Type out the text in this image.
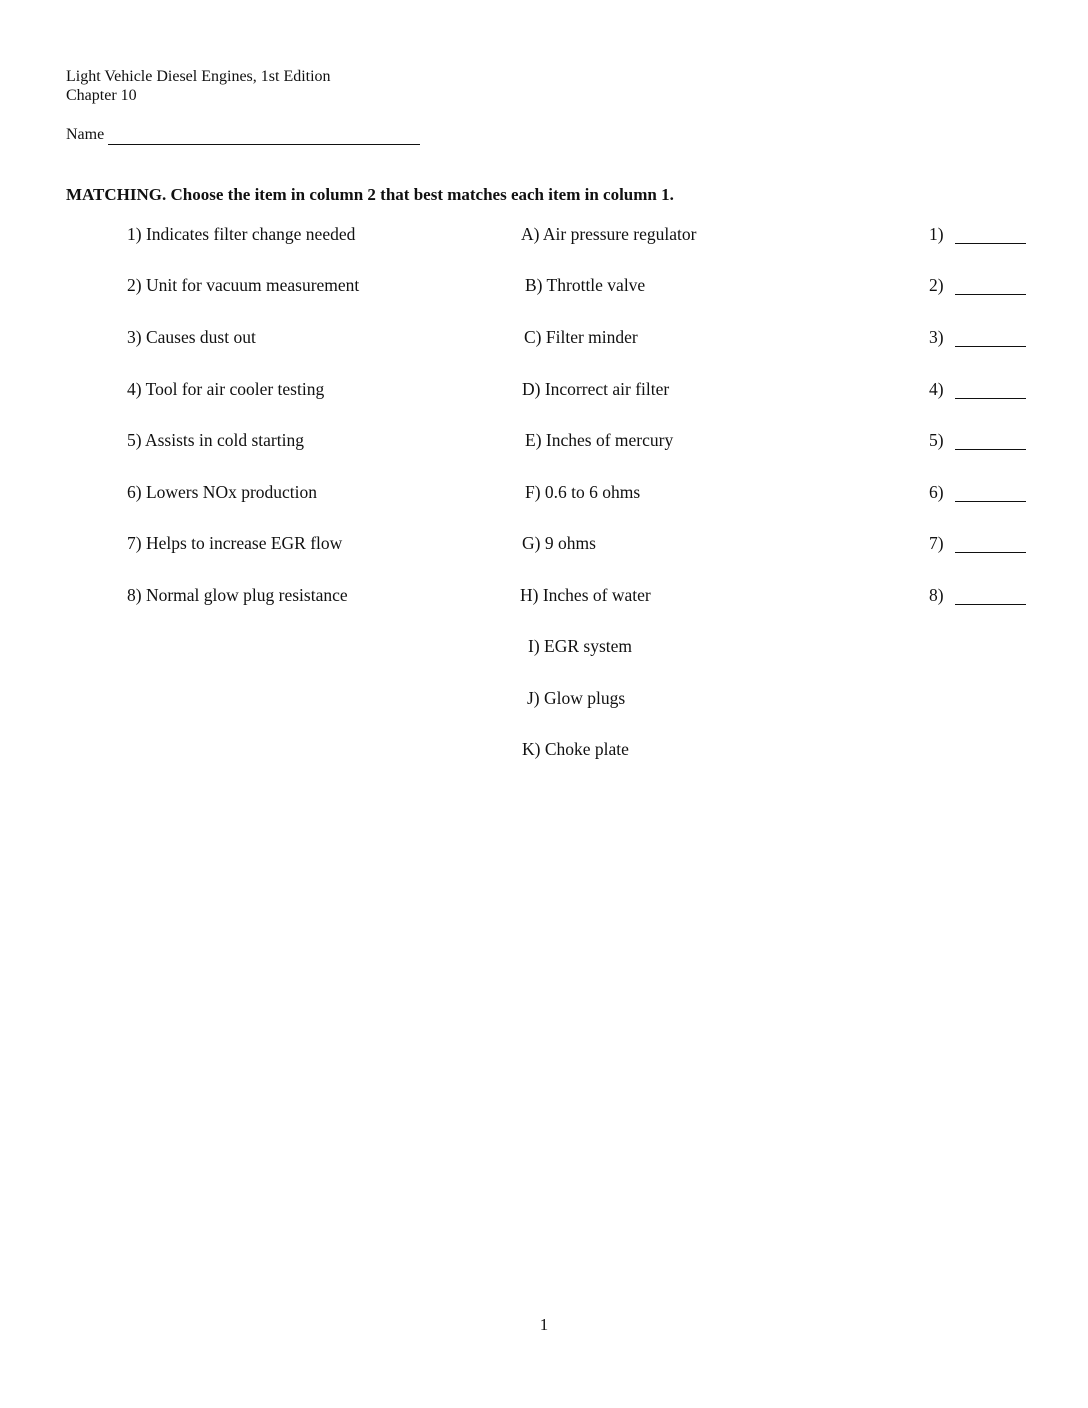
Light Vehicle Diesel Engines, 1st Edition
Chapter 10
Name
MATCHING. Choose the item in column 2 that best matches each item in column 1.
1) Indicates filter change needed
2) Unit for vacuum measurement
3) Causes dust out
4) Tool for air cooler testing
5) Assists in cold starting
6) Lowers NOx production
7) Helps to increase EGR flow
8) Normal glow plug resistance
A) Air pressure regulator
B) Throttle valve
C) Filter minder
D) Incorrect air filter
E) Inches of mercury
F) 0.6 to 6 ohms
G) 9 ohms
H) Inches of water
I) EGR system
J) Glow plugs
K) Choke plate
1)
2)
3)
4)
5)
6)
7)
8)
1
